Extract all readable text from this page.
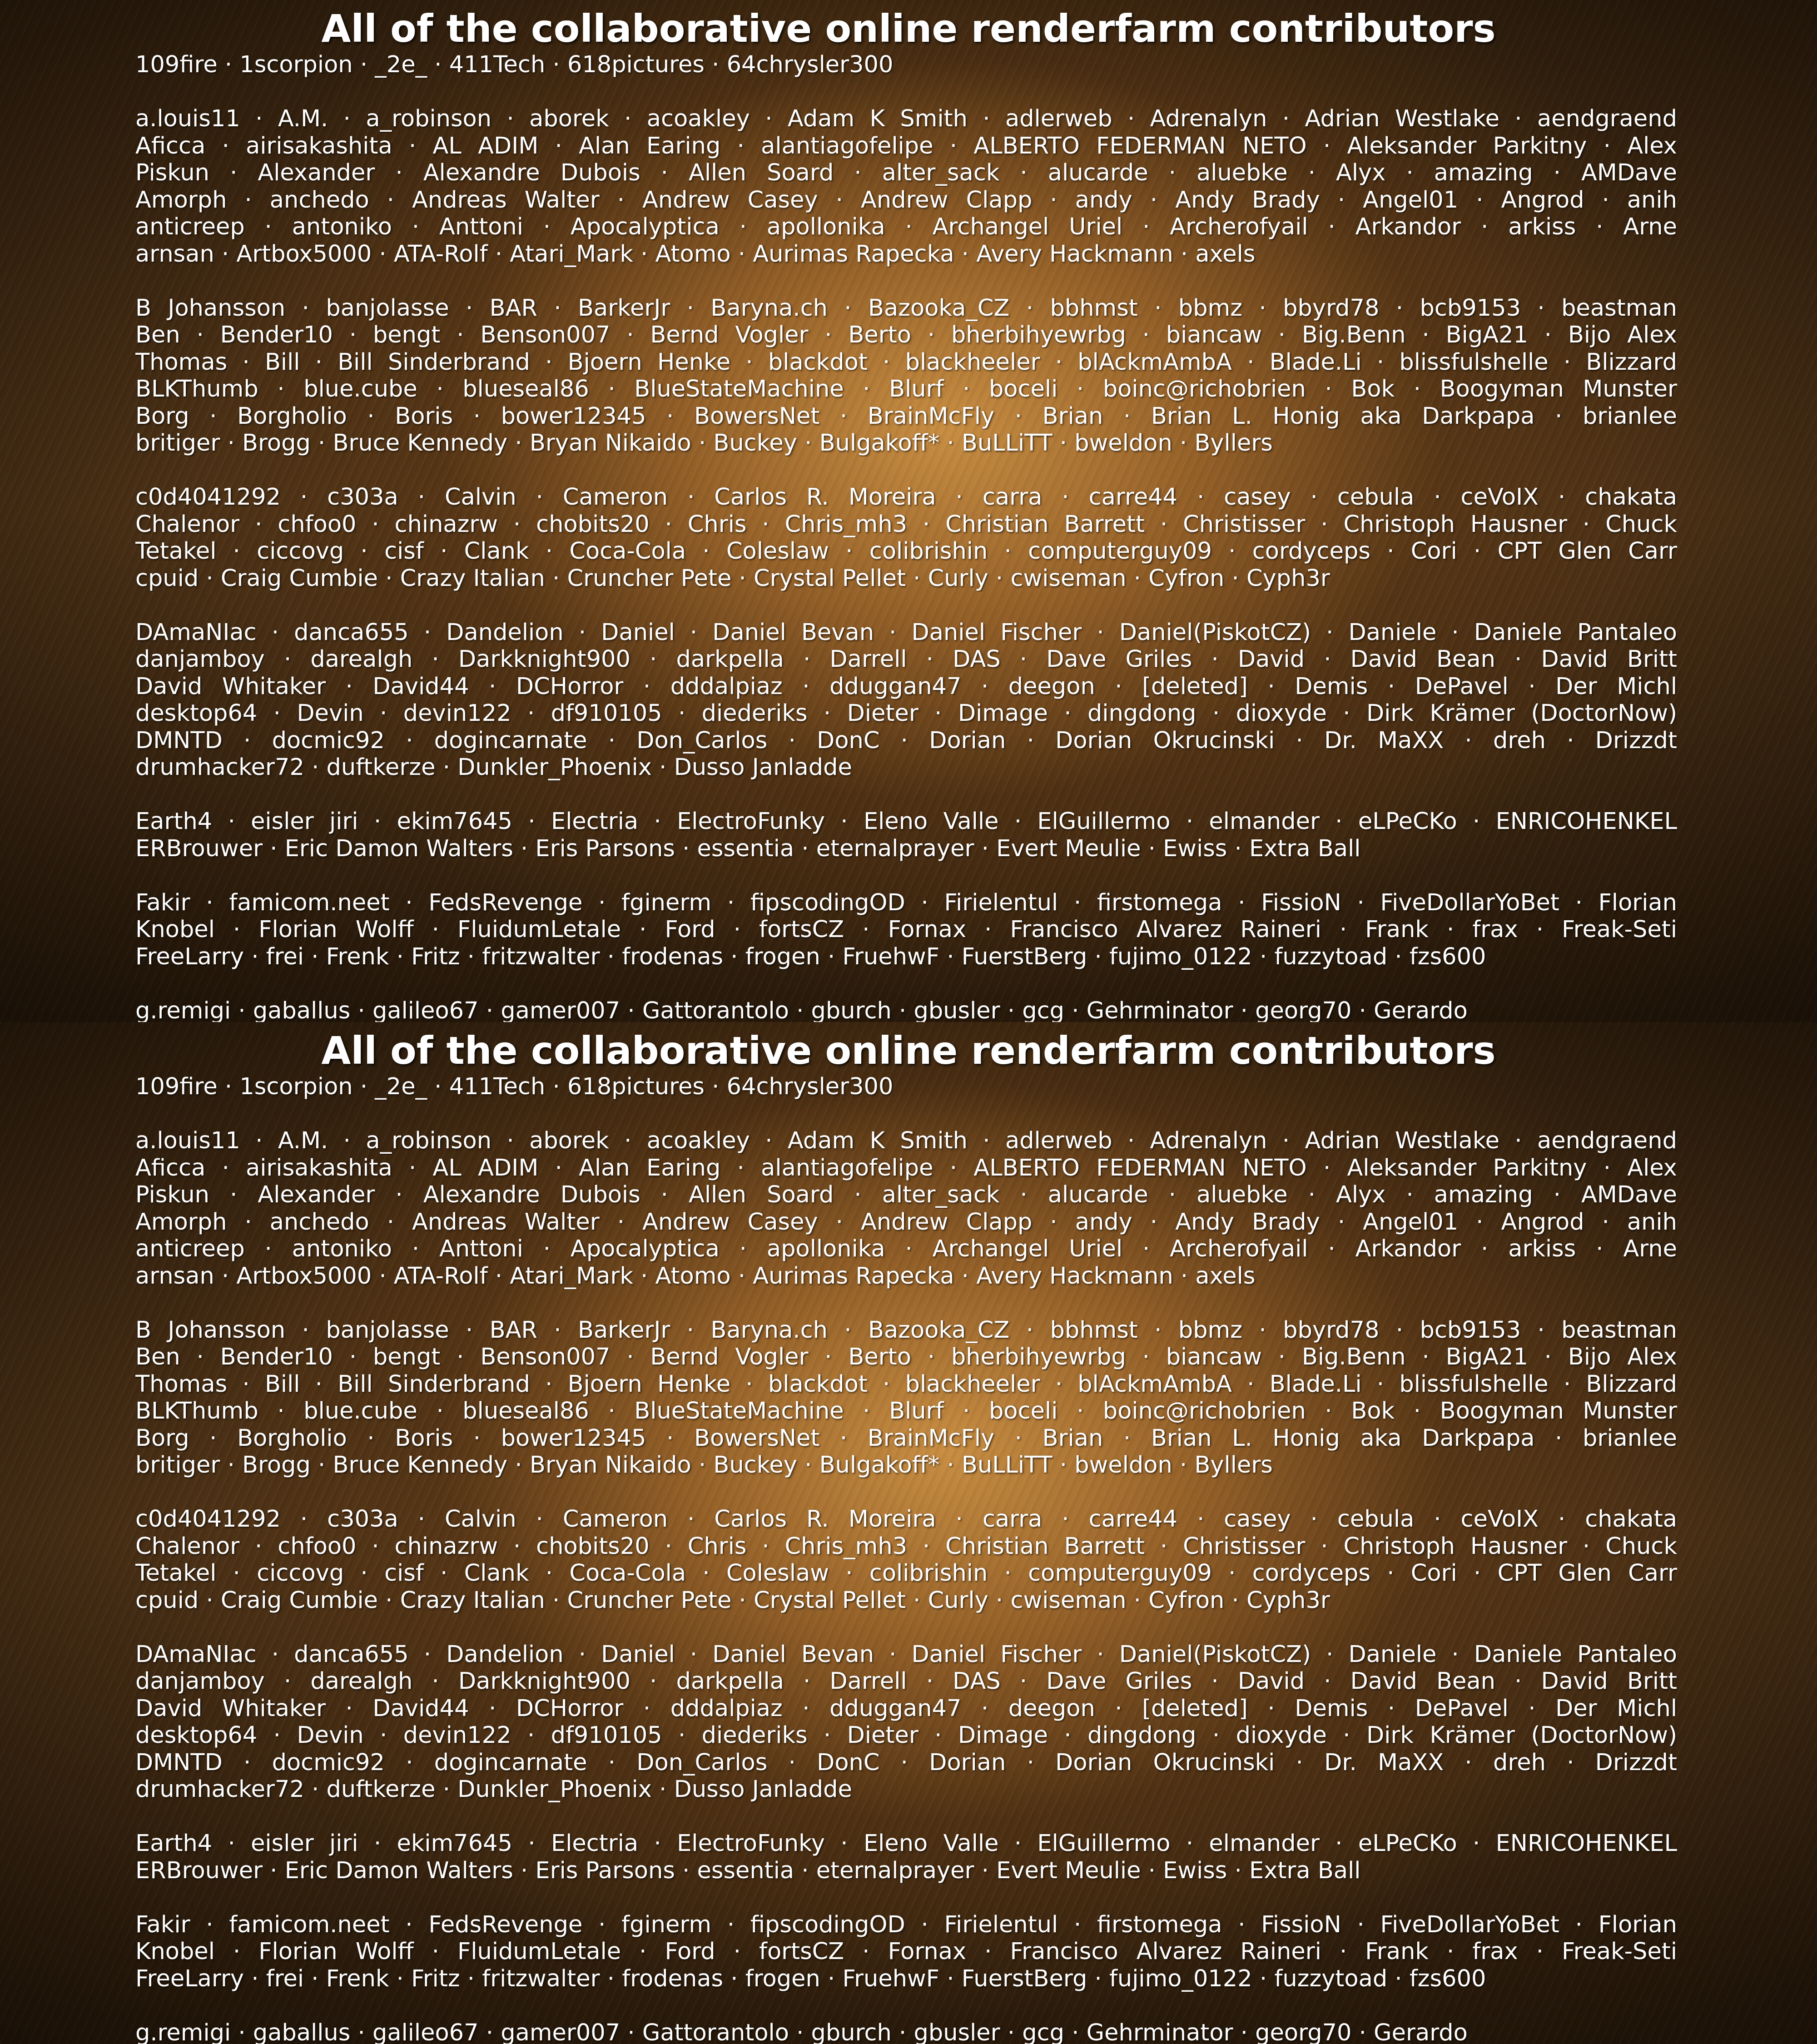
All of the collaborative online renderfarm contributors
109fire · 1scorpion · _2e_ · 411Tech · 618pictures · 64chrysler300
a.louis11 · A.M. · a_robinson · aborek · acoakley · Adam K Smith · adlerweb · Adrenalyn · Adrian Westlake · aendgraend
Aficca · airisakashita · AL ADIM · Alan Earing · alantiagofelipe · ALBERTO FEDERMAN NETO · Aleksander Parkitny · Alex
Piskun · Alexander · Alexandre Dubois · Allen Soard · alter_sack · alucarde · aluebke · Alyx · amazing · AMDave
Amorph · anchedo · Andreas Walter · Andrew Casey · Andrew Clapp · andy · Andy Brady · Angel01 · Angrod · anih
anticreep · antoniko · Anttoni · Apocalyptica · apollonika · Archangel Uriel · Archerofyail · Arkandor · arkiss · Arne
arnsan · Artbox5000 · ATA-Rolf · Atari_Mark · Atomo · Aurimas Rapecka · Avery Hackmann · axels
B Johansson · banjolasse · BAR · BarkerJr · Baryna.ch · Bazooka_CZ · bbhmst · bbmz · bbyrd78 · bcb9153 · beastman
Ben · Bender10 · bengt · Benson007 · Bernd Vogler · Berto · bherbihyewrbg · biancaw · Big.Benn · BigA21 · Bijo Alex
Thomas · Bill · Bill Sinderbrand · Bjoern Henke · blackdot · blackheeler · blAckmAmbA · Blade.Li · blissfulshelle · Blizzard
BLKThumb · blue.cube · blueseal86 · BlueStateMachine · Blurf · boceli · boinc@richobrien · Bok · Boogyman Munster
Borg · Borgholio · Boris · bower12345 · BowersNet · BrainMcFly · Brian · Brian L. Honig aka Darkpapa · brianlee
britiger · Brogg · Bruce Kennedy · Bryan Nikaido · Buckey · Bulgakoff* · BuLLiTT · bweldon · Byllers
c0d4041292 · c303a · Calvin · Cameron · Carlos R. Moreira · carra · carre44 · casey · cebula · ceVoIX · chakata
Chalenor · chfoo0 · chinazrw · chobits20 · Chris · Chris_mh3 · Christian Barrett · Christisser · Christoph Hausner · Chuck
Tetakel · ciccovg · cisf · Clank · Coca-Cola · Coleslaw · colibrishin · computerguy09 · cordyceps · Cori · CPT Glen Carr
cpuid · Craig Cumbie · Crazy Italian · Cruncher Pete · Crystal Pellet · Curly · cwiseman · Cyfron · Cyph3r
DAmaNIac · danca655 · Dandelion · Daniel · Daniel Bevan · Daniel Fischer · Daniel(PiskotCZ) · Daniele · Daniele Pantaleo
danjamboy · darealgh · Darkknight900 · darkpella · Darrell · DAS · Dave Griles · David · David Bean · David Britt
David Whitaker · David44 · DCHorror · dddalpiaz · dduggan47 · deegon · [deleted] · Demis · DePavel · Der Michl
desktop64 · Devin · devin122 · df910105 · diederiks · Dieter · Dimage · dingdong · dioxyde · Dirk Krämer (DoctorNow)
DMNTD · docmic92 · dogincarnate · Don_Carlos · DonC · Dorian · Dorian Okrucinski · Dr. MaXX · dreh · Drizzdt
drumhacker72 · duftkerze · Dunkler_Phoenix · Dusso Janladde
Earth4 · eisler jiri · ekim7645 · Electria · ElectroFunky · Eleno Valle · ElGuillermo · elmander · eLPeCKo · ENRICOHENKEL
ERBrouwer · Eric Damon Walters · Eris Parsons · essentia · eternalprayer · Evert Meulie · Ewiss · Extra Ball
Fakir · famicom.neet · FedsRevenge · fginerm · fipscodingOD · Firielentul · firstomega · FissioN · FiveDollarYoBet · Florian
Knobel · Florian Wolff · FluidumLetale · Ford · fortsCZ · Fornax · Francisco Alvarez Raineri · Frank · frax · Freak-Seti
FreeLarry · frei · Frenk · Fritz · fritzwalter · frodenas · frogen · FruehwF · FuerstBerg · fujimo_0122 · fuzzytoad · fzs600
g.remigi · gaballus · galileo67 · gamer007 · Gattorantolo · gburch · gbusler · gcg · Gehrminator · georg70 · Gerardo
All of the collaborative online renderfarm contributors
109fire · 1scorpion · _2e_ · 411Tech · 618pictures · 64chrysler300
a.louis11 · A.M. · a_robinson · aborek · acoakley · Adam K Smith · adlerweb · Adrenalyn · Adrian Westlake · aendgraend
Aficca · airisakashita · AL ADIM · Alan Earing · alantiagofelipe · ALBERTO FEDERMAN NETO · Aleksander Parkitny · Alex
Piskun · Alexander · Alexandre Dubois · Allen Soard · alter_sack · alucarde · aluebke · Alyx · amazing · AMDave
Amorph · anchedo · Andreas Walter · Andrew Casey · Andrew Clapp · andy · Andy Brady · Angel01 · Angrod · anih
anticreep · antoniko · Anttoni · Apocalyptica · apollonika · Archangel Uriel · Archerofyail · Arkandor · arkiss · Arne
arnsan · Artbox5000 · ATA-Rolf · Atari_Mark · Atomo · Aurimas Rapecka · Avery Hackmann · axels
B Johansson · banjolasse · BAR · BarkerJr · Baryna.ch · Bazooka_CZ · bbhmst · bbmz · bbyrd78 · bcb9153 · beastman
Ben · Bender10 · bengt · Benson007 · Bernd Vogler · Berto · bherbihyewrbg · biancaw · Big.Benn · BigA21 · Bijo Alex
Thomas · Bill · Bill Sinderbrand · Bjoern Henke · blackdot · blackheeler · blAckmAmbA · Blade.Li · blissfulshelle · Blizzard
BLKThumb · blue.cube · blueseal86 · BlueStateMachine · Blurf · boceli · boinc@richobrien · Bok · Boogyman Munster
Borg · Borgholio · Boris · bower12345 · BowersNet · BrainMcFly · Brian · Brian L. Honig aka Darkpapa · brianlee
britiger · Brogg · Bruce Kennedy · Bryan Nikaido · Buckey · Bulgakoff* · BuLLiTT · bweldon · Byllers
c0d4041292 · c303a · Calvin · Cameron · Carlos R. Moreira · carra · carre44 · casey · cebula · ceVoIX · chakata
Chalenor · chfoo0 · chinazrw · chobits20 · Chris · Chris_mh3 · Christian Barrett · Christisser · Christoph Hausner · Chuck
Tetakel · ciccovg · cisf · Clank · Coca-Cola · Coleslaw · colibrishin · computerguy09 · cordyceps · Cori · CPT Glen Carr
cpuid · Craig Cumbie · Crazy Italian · Cruncher Pete · Crystal Pellet · Curly · cwiseman · Cyfron · Cyph3r
DAmaNIac · danca655 · Dandelion · Daniel · Daniel Bevan · Daniel Fischer · Daniel(PiskotCZ) · Daniele · Daniele Pantaleo
danjamboy · darealgh · Darkknight900 · darkpella · Darrell · DAS · Dave Griles · David · David Bean · David Britt
David Whitaker · David44 · DCHorror · dddalpiaz · dduggan47 · deegon · [deleted] · Demis · DePavel · Der Michl
desktop64 · Devin · devin122 · df910105 · diederiks · Dieter · Dimage · dingdong · dioxyde · Dirk Krämer (DoctorNow)
DMNTD · docmic92 · dogincarnate · Don_Carlos · DonC · Dorian · Dorian Okrucinski · Dr. MaXX · dreh · Drizzdt
drumhacker72 · duftkerze · Dunkler_Phoenix · Dusso Janladde
Earth4 · eisler jiri · ekim7645 · Electria · ElectroFunky · Eleno Valle · ElGuillermo · elmander · eLPeCKo · ENRICOHENKEL
ERBrouwer · Eric Damon Walters · Eris Parsons · essentia · eternalprayer · Evert Meulie · Ewiss · Extra Ball
Fakir · famicom.neet · FedsRevenge · fginerm · fipscodingOD · Firielentul · firstomega · FissioN · FiveDollarYoBet · Florian
Knobel · Florian Wolff · FluidumLetale · Ford · fortsCZ · Fornax · Francisco Alvarez Raineri · Frank · frax · Freak-Seti
FreeLarry · frei · Frenk · Fritz · fritzwalter · frodenas · frogen · FruehwF · FuerstBerg · fujimo_0122 · fuzzytoad · fzs600
g.remigi · gaballus · galileo67 · gamer007 · Gattorantolo · gburch · gbusler · gcg · Gehrminator · georg70 · Gerardo
